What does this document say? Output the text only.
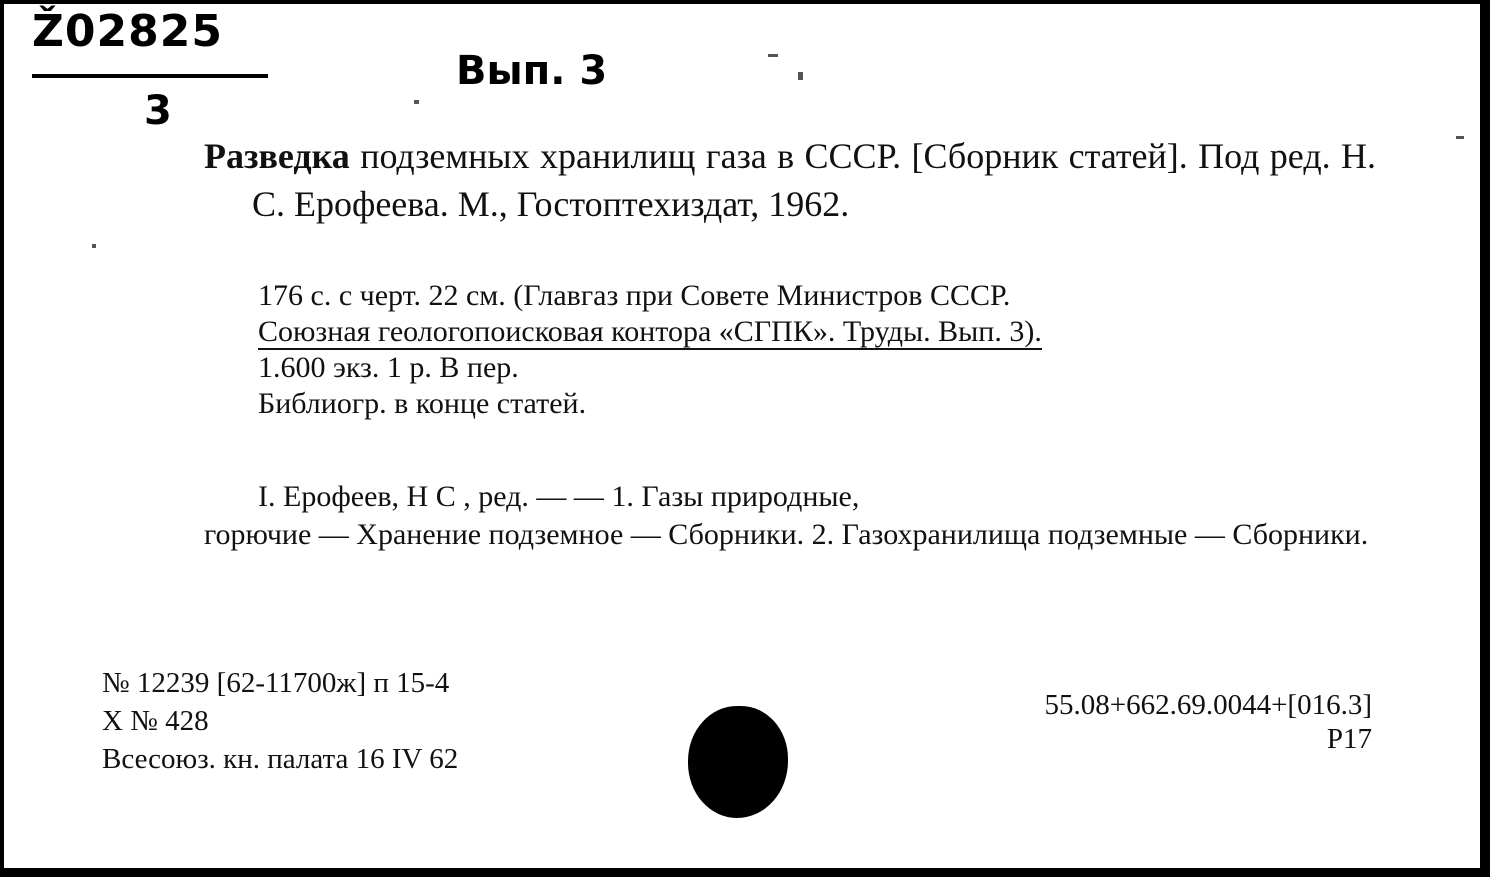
Ž02825
3
Вып. 3
Разведка подземных хранилищ газа в СССР. [Сборник статей]. Под ред. Н. С. Ерофеева. М., Гостоптехиздат, 1962.
176 с. с черт. 22 см. (Главгаз при Совете Министров СССР.
Союзная геологопоисковая контора «СГПК». Труды. Вып. 3).
1.600 экз. 1 р. В пер.
Библиогр. в конце статей.
I. Ерофеев, Н С , ред. — — 1. Газы природные,
горючие — Хранение подземное — Сборники. 2. Газохранилища подземные — Сборники.
№ 12239 [62-11700ж] п 15-4
Х № 428
Всесоюз. кн. палата 16 IV 62
55.08+662.69.0044+[016.3]
Р17
